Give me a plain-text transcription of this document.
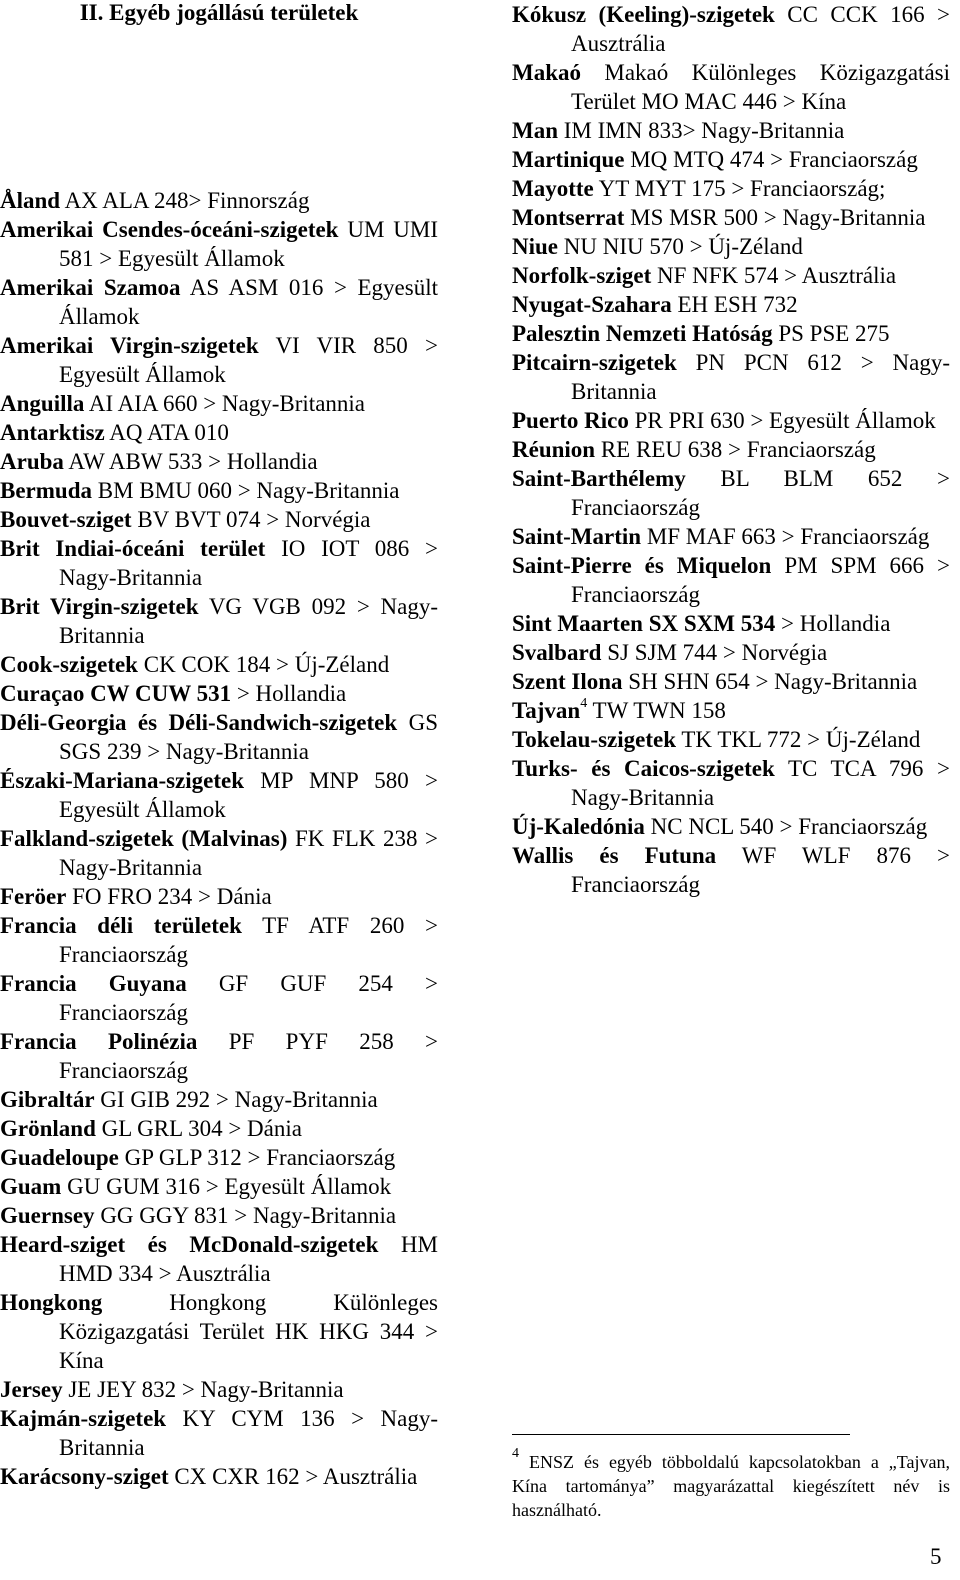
II. Egyéb jogállású területek
Åland AX ALA 248> Finnország
Amerikai Csendes-óceáni-szigetek UM UMI 581 > Egyesült Államok
Amerikai Szamoa AS ASM 016 > Egyesült Államok
Amerikai Virgin-szigetek VI VIR 850 > Egyesült Államok
Anguilla AI AIA 660 > Nagy-Britannia
Antarktisz AQ ATA 010
Aruba AW ABW 533 > Hollandia
Bermuda BM BMU 060 > Nagy-Britannia
Bouvet-sziget BV BVT 074 > Norvégia
Brit Indiai-óceáni terület IO IOT 086 > Nagy-Britannia
Brit Virgin-szigetek VG VGB 092 > Nagy-Britannia
Cook-szigetek CK COK 184 > Új-Zéland
Curaçao CW CUW 531 > Hollandia
Déli-Georgia és Déli-Sandwich-szigetek GS SGS 239 > Nagy-Britannia
Északi-Mariana-szigetek MP MNP 580 > Egyesült Államok
Falkland-szigetek (Malvinas) FK FLK 238 > Nagy-Britannia
Feröer FO FRO 234 > Dánia
Francia déli területek TF ATF 260 > Franciaország
Francia Guyana GF GUF 254 > Franciaország
Francia Polinézia PF PYF 258 > Franciaország
Gibraltár GI GIB 292 > Nagy-Britannia
Grönland GL GRL 304 > Dánia
Guadeloupe GP GLP 312 > Franciaország
Guam GU GUM 316 > Egyesült Államok
Guernsey GG GGY 831 > Nagy-Britannia
Heard-sziget és McDonald-szigetek HM HMD 334 > Ausztrália
Hongkong Hongkong Különleges Közigazgatási Terület HK HKG 344 > Kína
Jersey JE JEY 832 > Nagy-Britannia
Kajmán-szigetek KY CYM 136 > Nagy-Britannia
Karácsony-sziget CX CXR 162 > Ausztrália
Kókusz (Keeling)-szigetek CC CCK 166 > Ausztrália
Makaó Makaó Különleges Közigazgatási Terület MO MAC 446 > Kína
Man IM IMN 833> Nagy-Britannia
Martinique MQ MTQ 474 > Franciaország
Mayotte YT MYT 175 > Franciaország;
Montserrat MS MSR 500 > Nagy-Britannia
Niue NU NIU 570 > Új-Zéland
Norfolk-sziget NF NFK 574 > Ausztrália
Nyugat-Szahara EH ESH 732
Palesztin Nemzeti Hatóság PS PSE 275
Pitcairn-szigetek PN PCN 612 > Nagy-Britannia
Puerto Rico PR PRI 630 > Egyesült Államok
Réunion RE REU 638 > Franciaország
Saint-Barthélemy BL BLM 652 > Franciaország
Saint-Martin MF MAF 663 > Franciaország
Saint-Pierre és Miquelon PM SPM 666 > Franciaország
Sint Maarten SX SXM 534 > Hollandia
Svalbard SJ SJM 744 > Norvégia
Szent Ilona SH SHN 654 > Nagy-Britannia
Tajvan$^4$ TW TWN 158
Tokelau-szigetek TK TKL 772 > Új-Zéland
Turks- és Caicos-szigetek TC TCA 796 > Nagy-Britannia
Új-Kaledónia NC NCL 540 > Franciaország
Wallis és Futuna WF WLF 876 > Franciaország

$^4$ ENSZ és egyéb többoldalú kapcsolatokban a „Tajvan, Kína tartománya” magyarázattal kiegészített név is használható.

5
